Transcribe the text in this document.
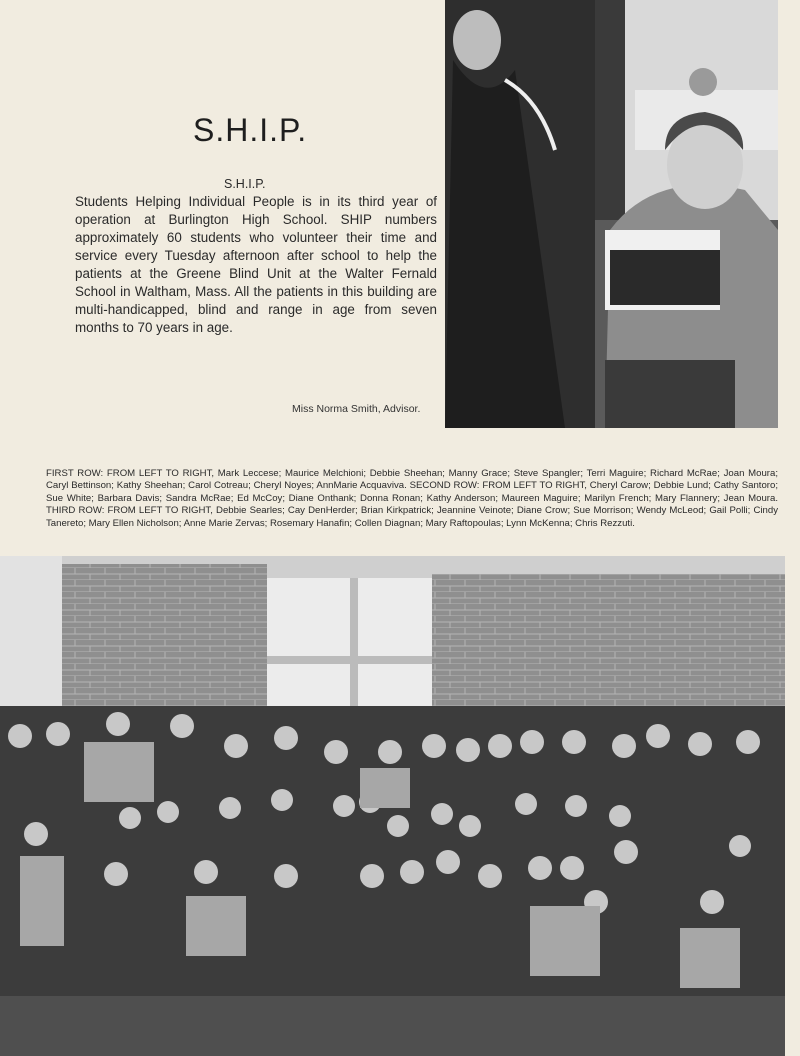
S.H.I.P.
S.H.I.P.
Students Helping Individual People is in its third year of operation at Burlington High School. SHIP numbers approximately 60 students who volunteer their time and service every Tuesday afternoon after school to help the patients at the Greene Blind Unit at the Walter Fernald School in Waltham, Mass. All the patients in this building are multi-handicapped, blind and range in age from seven months to 70 years in age.
Miss Norma Smith, Advisor.
FIRST ROW: FROM LEFT TO RIGHT, Mark Leccese; Maurice Melchioni; Debbie Sheehan; Manny Grace; Steve Spangler; Terri Maguire; Richard McRae; Joan Moura; Caryl Bettinson; Kathy Sheehan; Carol Cotreau; Cheryl Noyes; AnnMarie Acquaviva. SECOND ROW: FROM LEFT TO RIGHT, Cheryl Carow; Debbie Lund; Cathy Santoro; Sue White; Barbara Davis; Sandra McRae; Ed McCoy; Diane Onthank; Donna Ronan; Kathy Anderson; Maureen Maguire; Marilyn French; Mary Flannery; Jean Moura. THIRD ROW: FROM LEFT TO RIGHT, Debbie Searles; Cay DenHerder; Brian Kirkpatrick; Jeannine Veinote; Diane Crow; Sue Morrison; Wendy McLeod; Gail Polli; Cindy Tanereto; Mary Ellen Nicholson; Anne Marie Zervas; Rosemary Hanafin; Collen Diagnan; Mary Raftopoulas; Lynn McKenna; Chris Rezzuti.
